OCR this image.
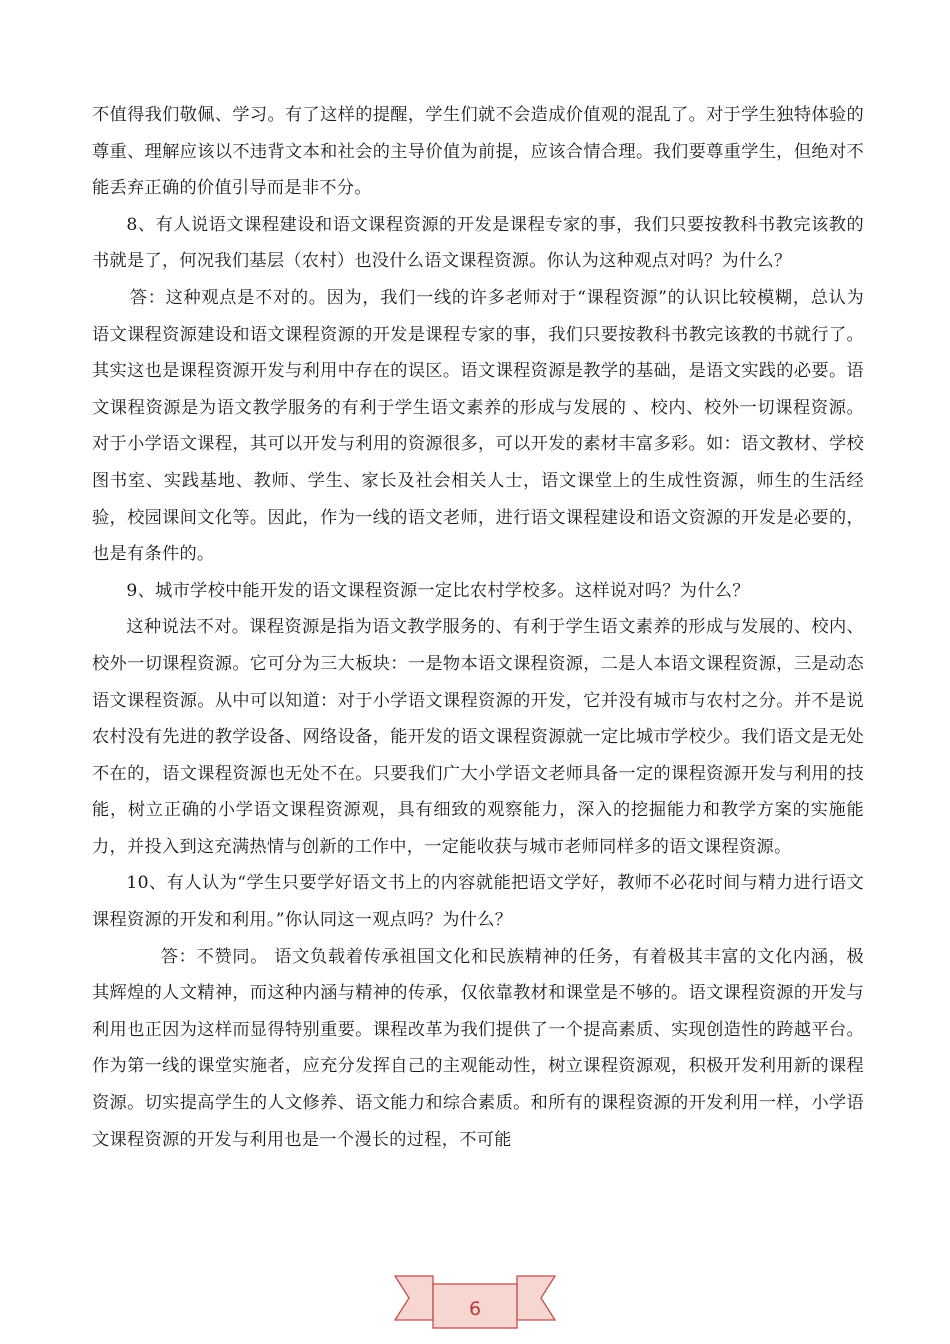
不值得我们敬佩、学习。有了这样的提醒，学生们就不会造成价值观的混乱了。对于学生独特体验的尊重、理解应该以不违背文本和社会的主导价值为前提，应该合情合理。我们要尊重学生，但绝对不能丢弃正确的价值引导而是非不分。

8、有人说语文课程建设和语文课程资源的开发是课程专家的事，我们只要按教科书教完该教的书就是了，何况我们基层（农村）也没什么语文课程资源。你认为这种观点对吗？为什么？

答：这种观点是不对的。因为，我们一线的许多老师对于“课程资源”的认识比较模糊，总认为语文课程资源建设和语文课程资源的开发是课程专家的事，我们只要按教科书教完该教的书就行了。其实这也是课程资源开发与利用中存在的误区。语文课程资源是教学的基础，是语文实践的必要。语文课程资源是为语文教学服务的有利于学生语文素养的形成与发展的 、校内、校外一切课程资源。对于小学语文课程，其可以开发与利用的资源很多，可以开发的素材丰富多彩。如：语文教材、学校图书室、实践基地、教师、学生、家长及社会相关人士，语文课堂上的生成性资源，师生的生活经验，校园课间文化等。因此，作为一线的语文老师，进行语文课程建设和语文资源的开发是必要的，也是有条件的。

9、城市学校中能开发的语文课程资源一定比农村学校多。这样说对吗？为什么？

这种说法不对。课程资源是指为语文教学服务的、有利于学生语文素养的形成与发展的、校内、校外一切课程资源。它可分为三大板块：一是物本语文课程资源，二是人本语文课程资源，三是动态语文课程资源。从中可以知道：对于小学语文课程资源的开发，它并没有城市与农村之分。并不是说农村没有先进的教学设备、网络设备，能开发的语文课程资源就一定比城市学校少。我们语文是无处不在的，语文课程资源也无处不在。只要我们广大小学语文老师具备一定的课程资源开发与利用的技能，树立正确的小学语文课程资源观，具有细致的观察能力，深入的挖掘能力和教学方案的实施能力，并投入到这充满热情与创新的工作中，一定能收获与城市老师同样多的语文课程资源。

10、有人认为“学生只要学好语文书上的内容就能把语文学好，教师不必花时间与精力进行语文课程资源的开发和利用。”你认同这一观点吗？为什么？

答：不赞同。 语文负载着传承祖国文化和民族精神的任务，有着极其丰富的文化内涵，极其辉煌的人文精神，而这种内涵与精神的传承，仅依靠教材和课堂是不够的。语文课程资源的开发与利用也正因为这样而显得特别重要。课程改革为我们提供了一个提高素质、实现创造性的跨越平台。作为第一线的课堂实施者，应充分发挥自己的主观能动性，树立课程资源观，积极开发利用新的课程资源。切实提高学生的人文修养、语文能力和综合素质。和所有的课程资源的开发利用一样，小学语文课程资源的开发与利用也是一个漫长的过程，不可能

6
